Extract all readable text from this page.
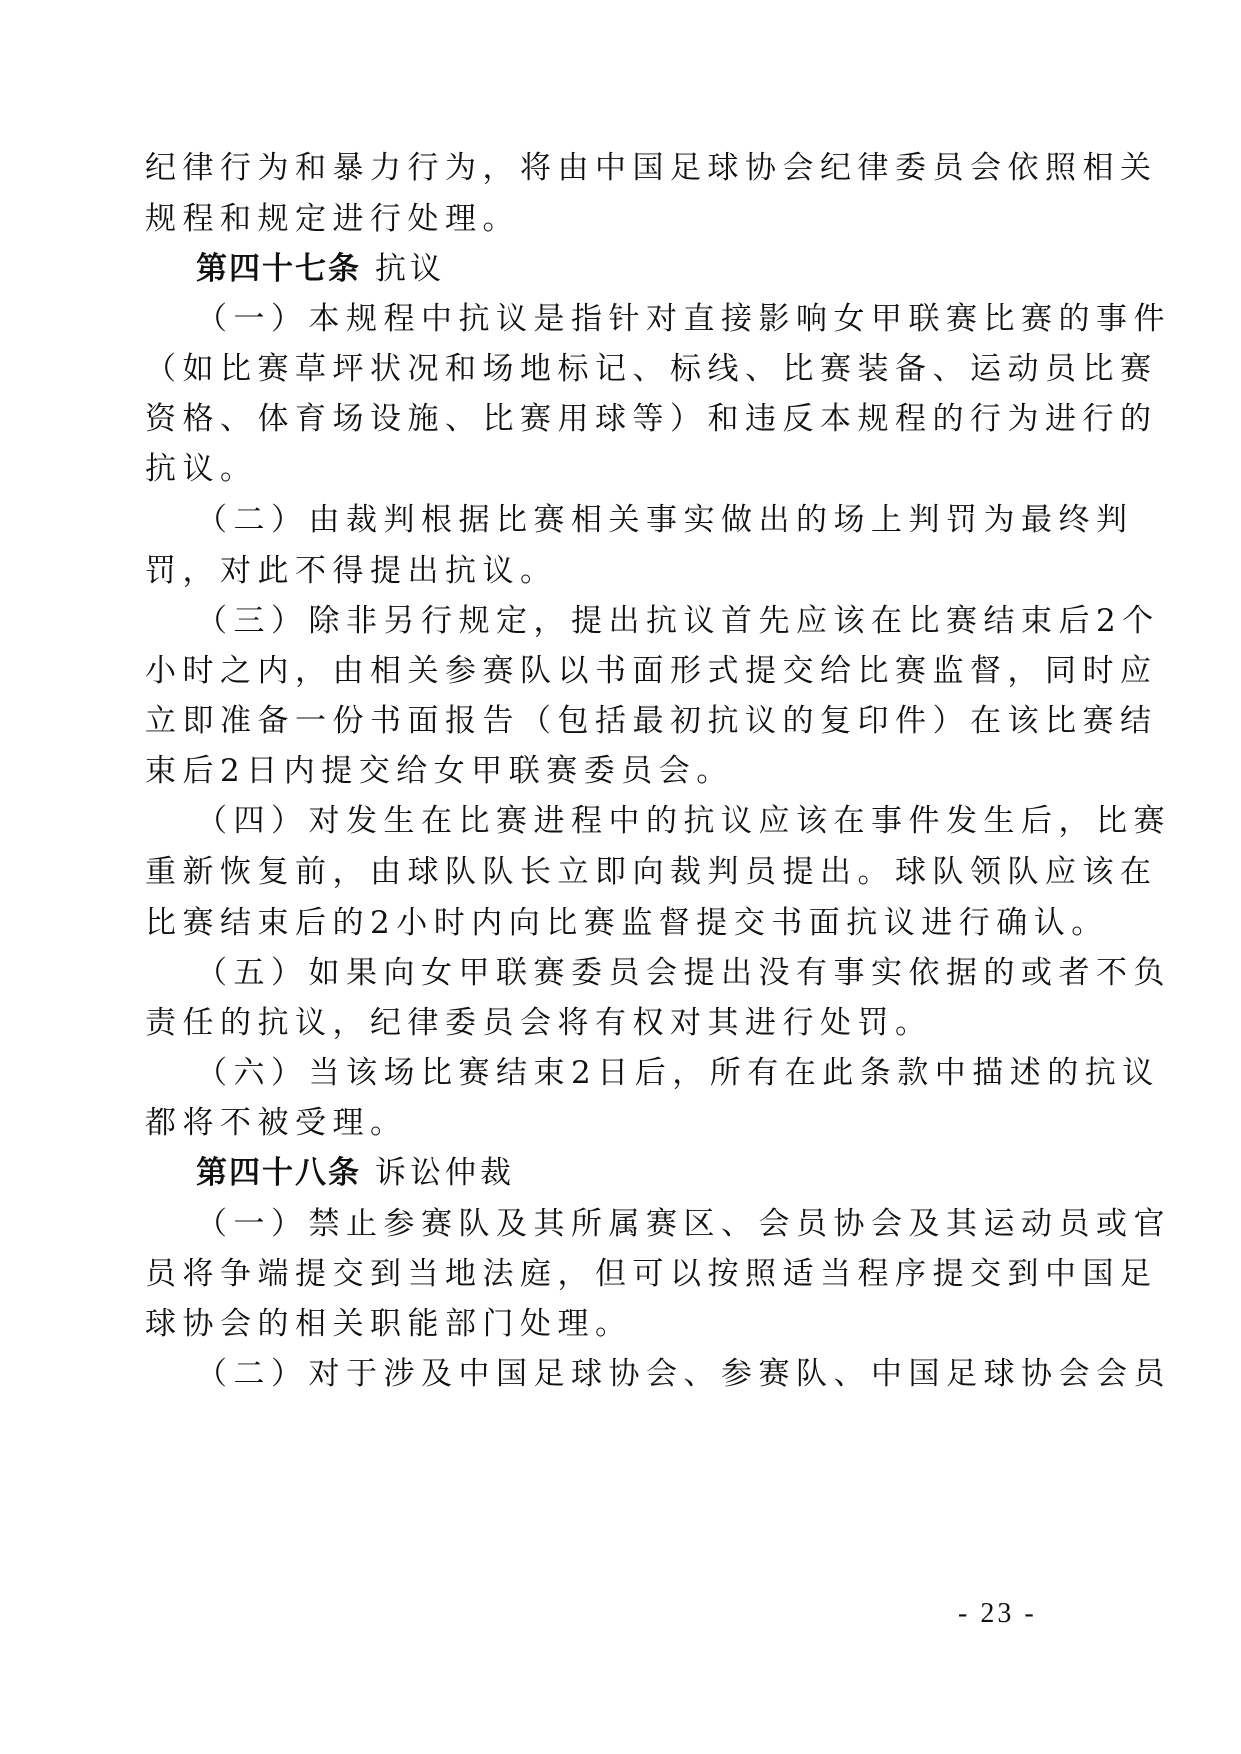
纪律行为和暴力行为，将由中国足球协会纪律委员会依照相关
规程和规定进行处理。
第四十七条 抗议
（一）本规程中抗议是指针对直接影响女甲联赛比赛的事件
（如比赛草坪状况和场地标记、标线、比赛装备、运动员比赛
资格、体育场设施、比赛用球等）和违反本规程的行为进行的
抗议。
（二）由裁判根据比赛相关事实做出的场上判罚为最终判
罚，对此不得提出抗议。
（三）除非另行规定，提出抗议首先应该在比赛结束后2个
小时之内，由相关参赛队以书面形式提交给比赛监督，同时应
立即准备一份书面报告（包括最初抗议的复印件）在该比赛结
束后2日内提交给女甲联赛委员会。
（四）对发生在比赛进程中的抗议应该在事件发生后，比赛
重新恢复前，由球队队长立即向裁判员提出。球队领队应该在
比赛结束后的2小时内向比赛监督提交书面抗议进行确认。
（五）如果向女甲联赛委员会提出没有事实依据的或者不负
责任的抗议，纪律委员会将有权对其进行处罚。
（六）当该场比赛结束2日后，所有在此条款中描述的抗议
都将不被受理。
第四十八条 诉讼仲裁
（一）禁止参赛队及其所属赛区、会员协会及其运动员或官
员将争端提交到当地法庭，但可以按照适当程序提交到中国足
球协会的相关职能部门处理。
（二）对于涉及中国足球协会、参赛队、中国足球协会会员
- 23 -
